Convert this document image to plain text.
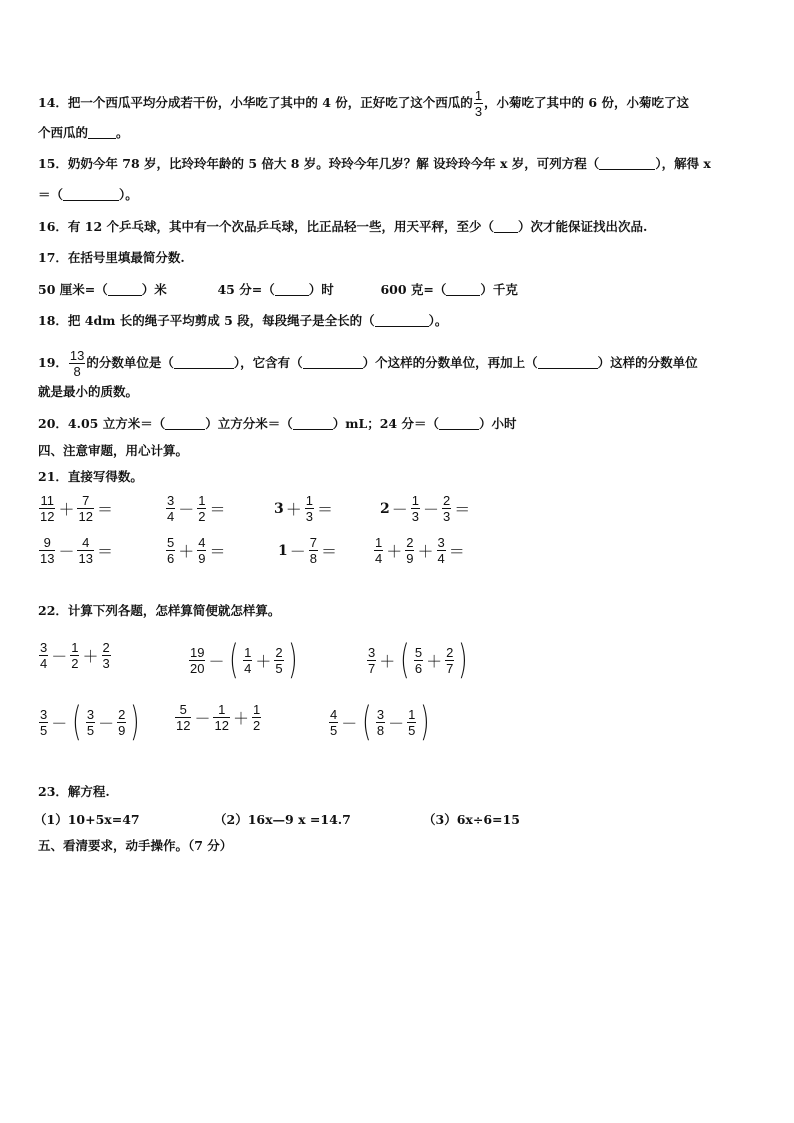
14．把一个西瓜平均分成若干份，小华吃了其中的 4 份，正好吃了这个西瓜的 $\frac{1}{3}$ ，小菊吃了其中的 6 份，小菊吃了这
个西瓜的 。
15．奶奶今年 78 岁，比玲玲年龄的 5 倍大 8 岁。玲玲今年几岁？解 设玲玲今年 x 岁，可列方程（	），解得 x
＝（	）。
16．有 12 个乒乓球，其中有一个次品乒乓球，比正品轻一些，用天平秤，至少（ ）次才能保证找出次品.
17．在括号里填最简分数.
50 厘米=（	）米	45 分=（	）时	600 克=（	）千克
18．把 4dm 长的绳子平均剪成 5 段，每段绳子是全长的（	）。
19． $\frac{13}{8}$ 的分数单位是（	），它含有（	）个这样的分数单位，再加上（	）这样的分数单位
就是最小的质数。
20．4.05 立方米＝（	）立方分米＝（	）mL；24 分＝（	）小时
四、注意审题，用心计算。
21．直接写得数。
$\frac{11}{12} + \frac{7}{12}$ ＝	$\frac{3}{4} - \frac{1}{2}$ ＝	$3 + \frac{1}{3}$ ＝	$2 - \frac{1}{3} - \frac{2}{3}$ ＝
$\frac{9}{13} - \frac{4}{13}$ ＝	$\frac{5}{6} + \frac{4}{9}$ ＝	$1 - \frac{7}{8}$ ＝	$\frac{1}{4} + \frac{2}{9} + \frac{3}{4}$ ＝
22．计算下列各题，怎样算简便就怎样算。
$\frac{3}{4} - \frac{1}{2} + \frac{2}{3}$	$\frac{19}{20}$ － ( $\frac{1}{4} + \frac{2}{5}$ )	$\frac{3}{7}$ ＋ ( $\frac{5}{6} + \frac{2}{7}$ )
$\frac{3}{5}$ － ( $\frac{3}{5} - \frac{2}{9}$ )	$\frac{5}{12} - \frac{1}{12} + \frac{1}{2}$	$\frac{4}{5}$ － ( $\frac{3}{8} - \frac{1}{5}$ )
23．解方程.
（1）10+5x=47	（2）16x—9 x =14.7	（3）6x÷6=15
五、看清要求，动手操作。（7 分）
